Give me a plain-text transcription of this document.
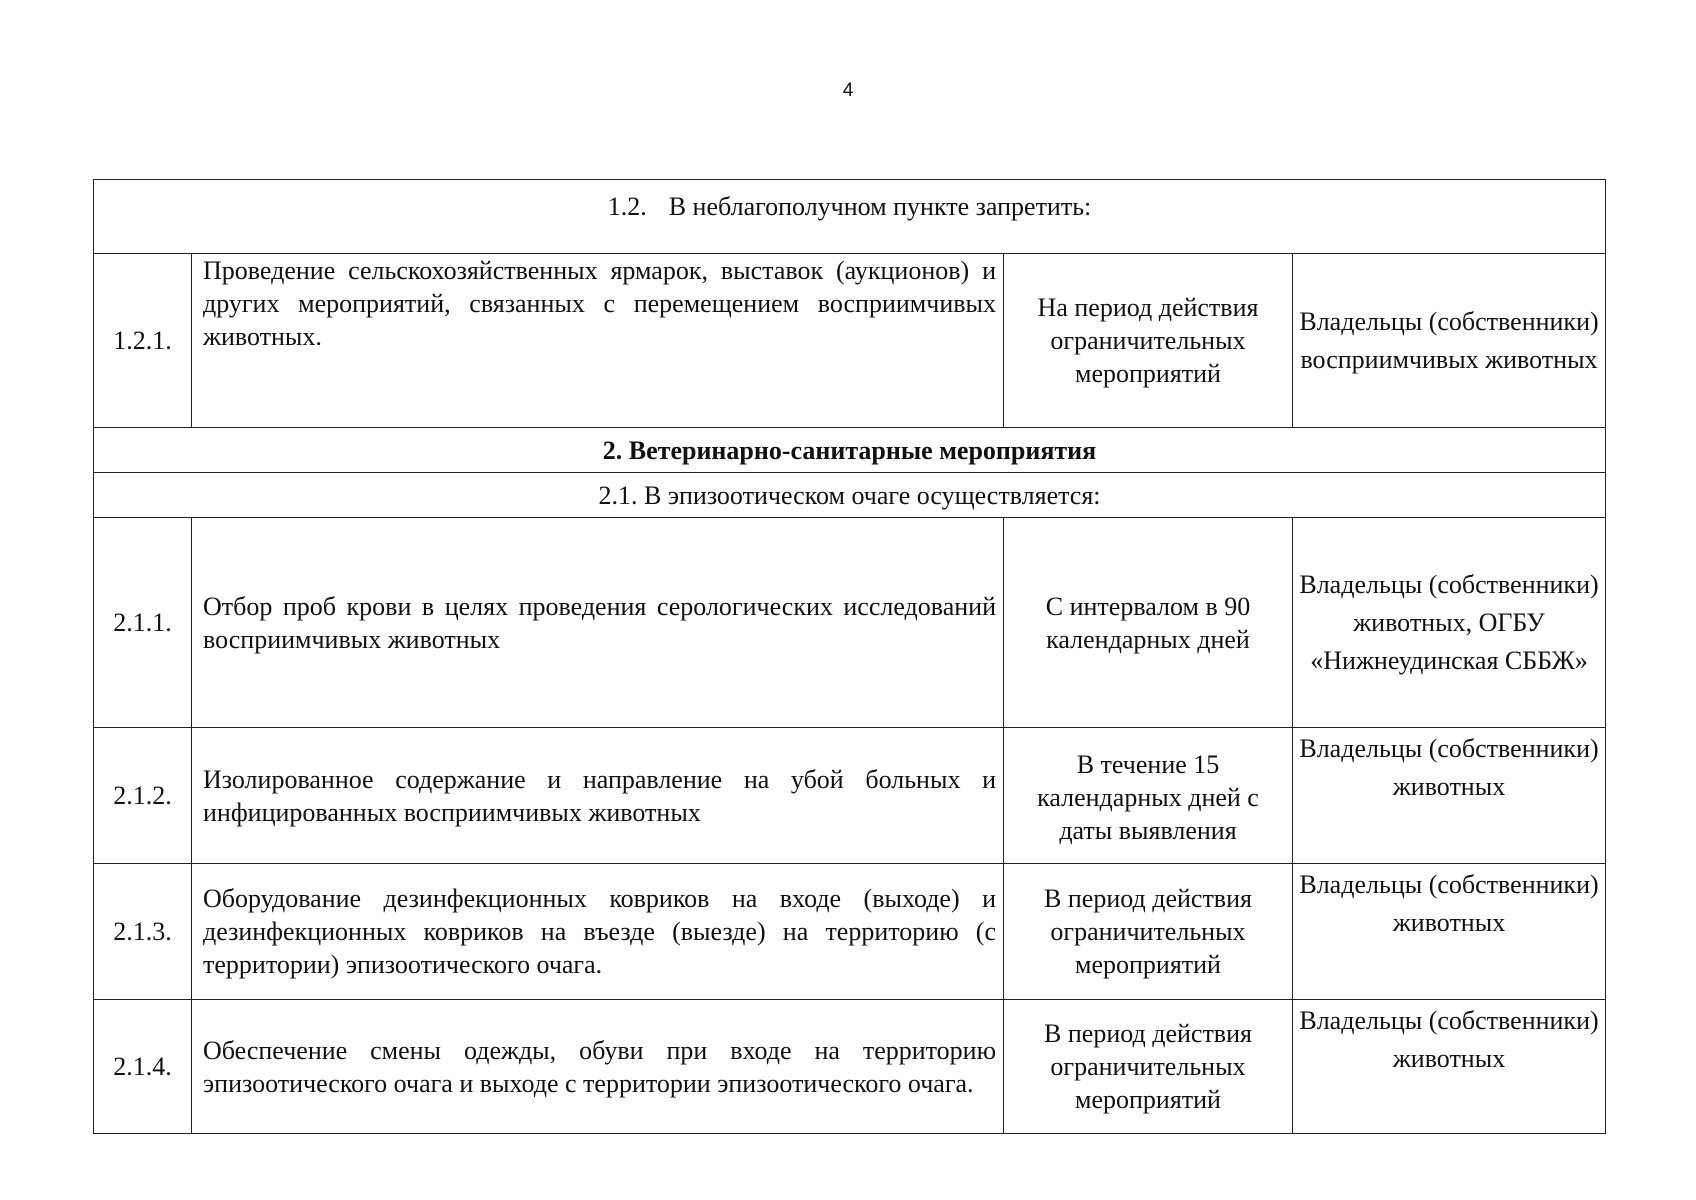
4
1.2. В неблагополучном пункте запретить:			
1.2.1.	Проведение сельскохозяйственных ярмарок, выставок (аукционов) и других мероприятий, связанных с перемещением восприимчивых животных.	На период действия ограничительных мероприятий	Владельцы (собственники) восприимчивых животных
2. Ветеринарно-санитарные мероприятия			
2.1. В эпизоотическом очаге осуществляется:			
2.1.1.	Отбор проб крови в целях проведения серологических исследований восприимчивых животных	С интервалом в 90 календарных дней	Владельцы (собственники) животных, ОГБУ «Нижнеудинская СББЖ»
2.1.2.	Изолированное содержание и направление на убой больных и инфицированных восприимчивых животных	В течение 15 календарных дней с даты выявления	Владельцы (собственники) животных
2.1.3.	Оборудование дезинфекционных ковриков на входе (выходе) и дезинфекционных ковриков на въезде (выезде) на территорию (с территории) эпизоотического очага.	В период действия ограничительных мероприятий	Владельцы (собственники) животных
2.1.4.	Обеспечение смены одежды, обуви при входе на территорию эпизоотического очага и выходе с территории эпизоотического очага.	В период действия ограничительных мероприятий	Владельцы (собственники) животных
